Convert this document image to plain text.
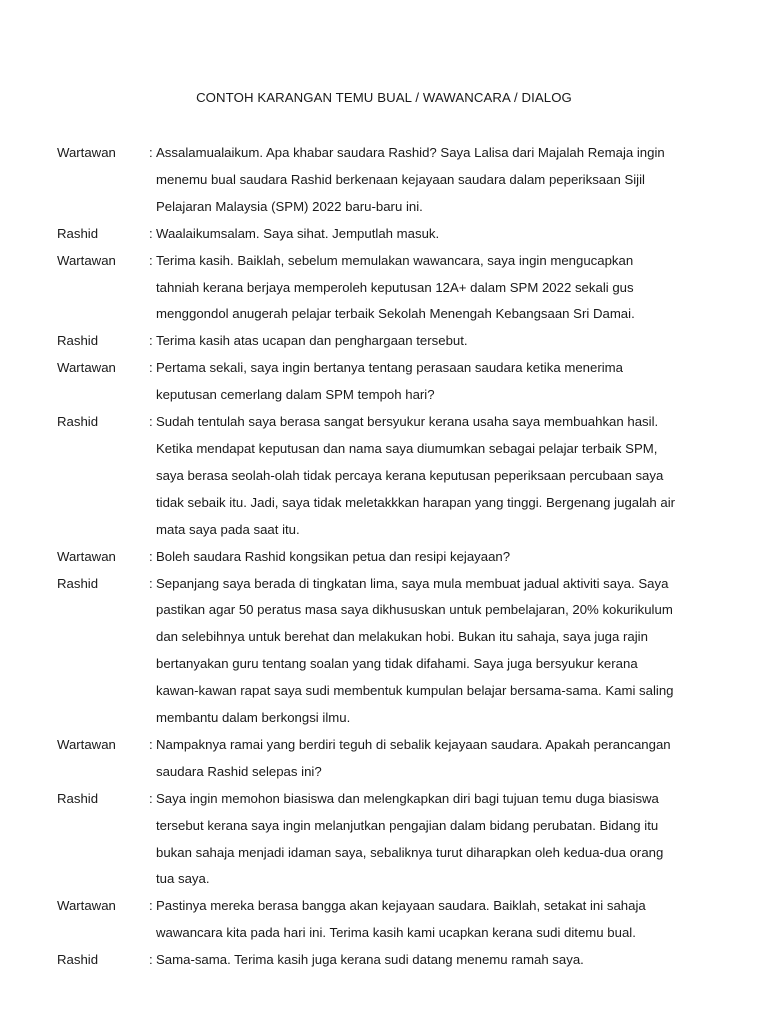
CONTOH KARANGAN TEMU BUAL / WAWANCARA / DIALOG
Wartawan	: Assalamualaikum. Apa khabar saudara Rashid? Saya Lalisa dari Majalah Remaja ingin
menemu bual saudara Rashid berkenaan kejayaan saudara dalam peperiksaan Sijil
Pelajaran Malaysia (SPM) 2022 baru-baru ini.
Rashid	: Waalaikumsalam. Saya sihat. Jemputlah masuk.
Wartawan	: Terima kasih. Baiklah, sebelum memulakan wawancara, saya ingin mengucapkan
tahniah kerana berjaya memperoleh keputusan 12A+ dalam SPM 2022 sekali gus
menggondol anugerah pelajar terbaik Sekolah Menengah Kebangsaan Sri Damai.
Rashid	: Terima kasih atas ucapan dan penghargaan tersebut.
Wartawan	: Pertama sekali, saya ingin bertanya tentang perasaan saudara ketika menerima
keputusan cemerlang dalam SPM tempoh hari?
Rashid	: Sudah tentulah saya berasa sangat bersyukur kerana usaha saya membuahkan hasil.
Ketika mendapat keputusan dan nama saya diumumkan sebagai pelajar terbaik SPM,
saya berasa seolah-olah tidak percaya kerana keputusan peperiksaan percubaan saya
tidak sebaik itu. Jadi, saya tidak meletakkkan harapan yang tinggi. Bergenang jugalah air
mata saya pada saat itu.
Wartawan	: Boleh saudara Rashid kongsikan petua dan resipi kejayaan?
Rashid	: Sepanjang saya berada di tingkatan lima, saya mula membuat jadual aktiviti saya. Saya
pastikan agar 50 peratus masa saya dikhususkan untuk pembelajaran, 20% kokurikulum
dan selebihnya untuk berehat dan melakukan hobi. Bukan itu sahaja, saya juga rajin
bertanyakan guru tentang soalan yang tidak difahami. Saya juga bersyukur kerana
kawan-kawan rapat saya sudi membentuk kumpulan belajar bersama-sama. Kami saling
membantu dalam berkongsi ilmu.
Wartawan	: Nampaknya ramai yang berdiri teguh di sebalik kejayaan saudara. Apakah perancangan
saudara Rashid selepas ini?
Rashid	: Saya ingin memohon biasiswa dan melengkapkan diri bagi tujuan temu duga biasiswa
tersebut kerana saya ingin melanjutkan pengajian dalam bidang perubatan. Bidang itu
bukan sahaja menjadi idaman saya, sebaliknya turut diharapkan oleh kedua-dua orang
tua saya.
Wartawan	: Pastinya mereka berasa bangga akan kejayaan saudara. Baiklah, setakat ini sahaja
wawancara kita pada hari ini. Terima kasih kami ucapkan kerana sudi ditemu bual.
Rashid	: Sama-sama. Terima kasih juga kerana sudi datang menemu ramah saya.
